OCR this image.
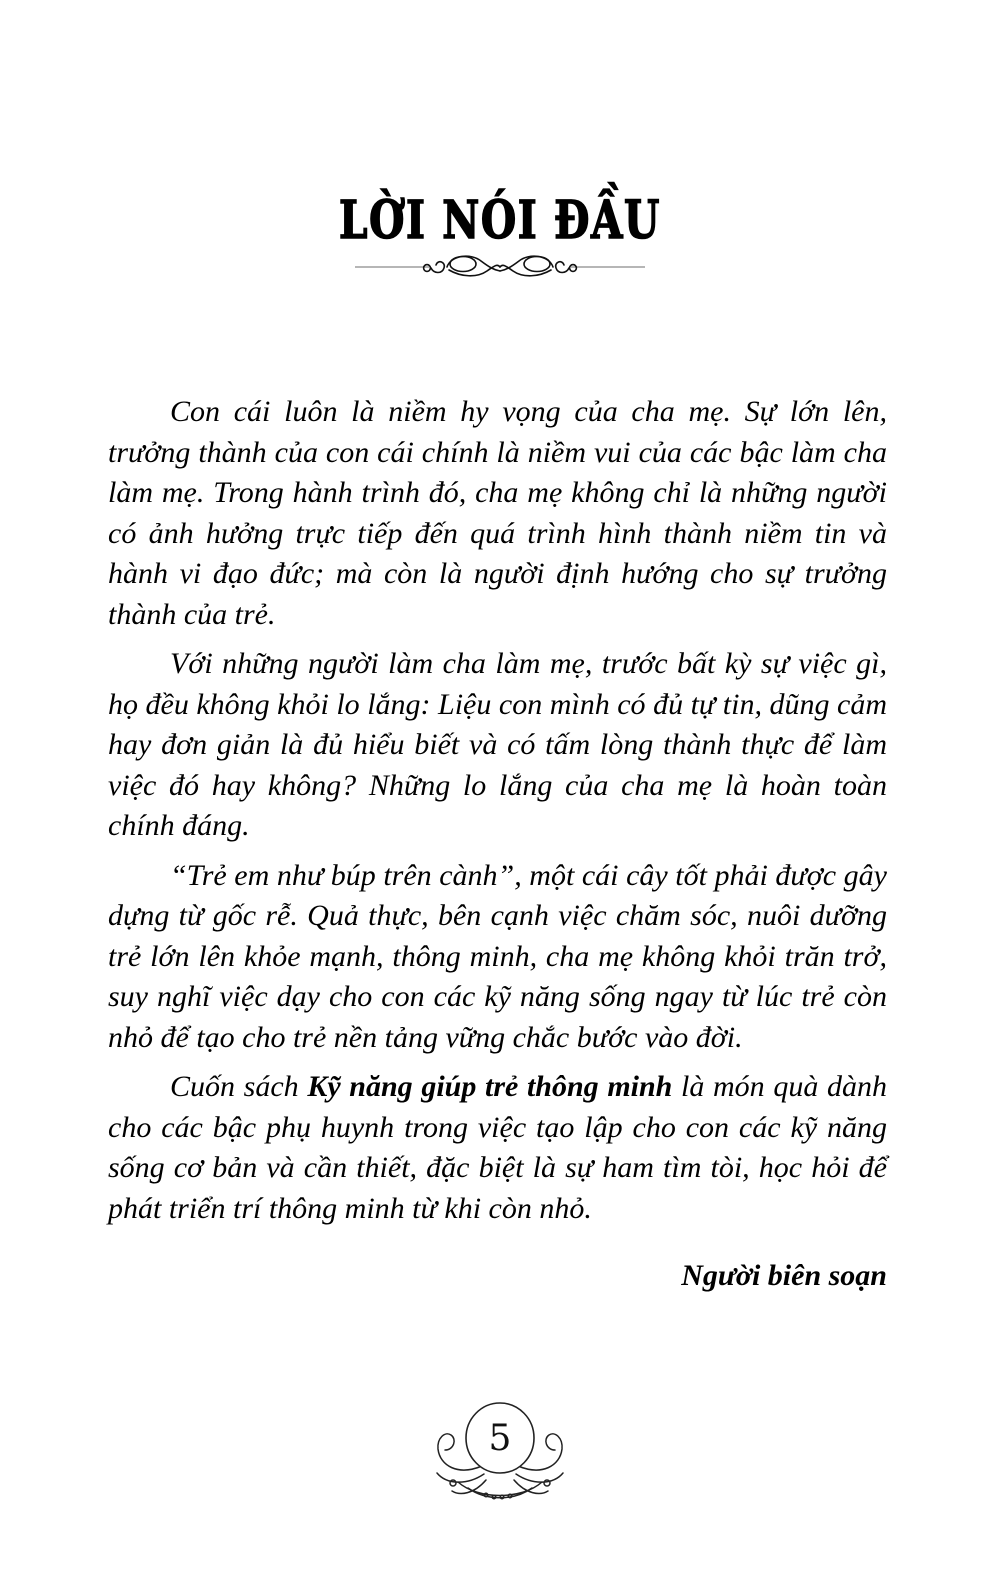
LỜI NÓI ĐẦU

Con cái luôn là niềm hy vọng của cha mẹ. Sự lớn lên, trưởng thành của con cái chính là niềm vui của các bậc làm cha làm mẹ. Trong hành trình đó, cha mẹ không chỉ là những người có ảnh hưởng trực tiếp đến quá trình hình thành niềm tin và hành vi đạo đức; mà còn là người định hướng cho sự trưởng thành của trẻ.

Với những người làm cha làm mẹ, trước bất kỳ sự việc gì, họ đều không khỏi lo lắng: Liệu con mình có đủ tự tin, dũng cảm hay đơn giản là đủ hiểu biết và có tấm lòng thành thực để làm việc đó hay không? Những lo lắng của cha mẹ là hoàn toàn chính đáng.

“Trẻ em như búp trên cành”, một cái cây tốt phải được gây dựng từ gốc rễ. Quả thực, bên cạnh việc chăm sóc, nuôi dưỡng trẻ lớn lên khỏe mạnh, thông minh, cha mẹ không khỏi trăn trở, suy nghĩ việc dạy cho con các kỹ năng sống ngay từ lúc trẻ còn nhỏ để tạo cho trẻ nền tảng vững chắc bước vào đời.

Cuốn sách Kỹ năng giúp trẻ thông minh là món quà dành cho các bậc phụ huynh trong việc tạo lập cho con các kỹ năng sống cơ bản và cần thiết, đặc biệt là sự ham tìm tòi, học hỏi để phát triển trí thông minh từ khi còn nhỏ.

Người biên soạn

5
